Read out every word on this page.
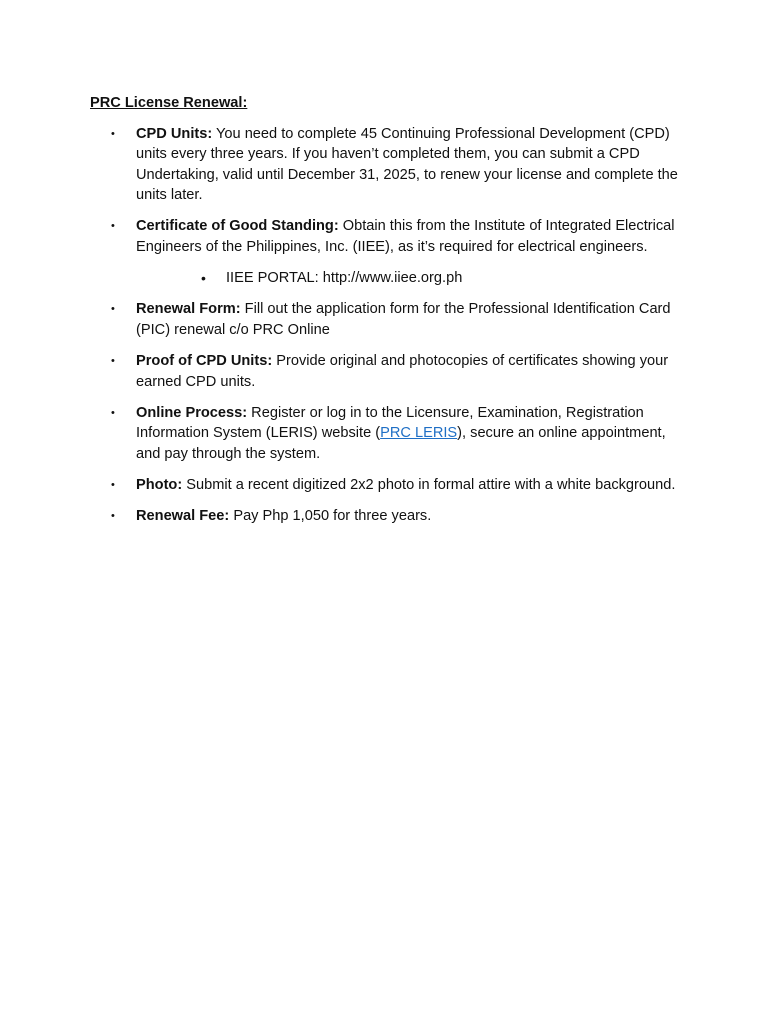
PRC License Renewal:
• CPD Units: You need to complete 45 Continuing Professional Development (CPD) units every three years. If you haven’t completed them, you can submit a CPD Undertaking, valid until December 31, 2025, to renew your license and complete the units later.
• Certificate of Good Standing: Obtain this from the Institute of Integrated Electrical Engineers of the Philippines, Inc. (IIEE), as it’s required for electrical engineers.
• IIEE PORTAL: http://www.iiee.org.ph
• Renewal Form: Fill out the application form for the Professional Identification Card (PIC) renewal c/o PRC Online
• Proof of CPD Units: Provide original and photocopies of certificates showing your earned CPD units.
• Online Process: Register or log in to the Licensure, Examination, Registration Information System (LERIS) website (PRC LERIS), secure an online appointment, and pay through the system.
• Photo: Submit a recent digitized 2x2 photo in formal attire with a white background.
• Renewal Fee: Pay Php 1,050 for three years.
